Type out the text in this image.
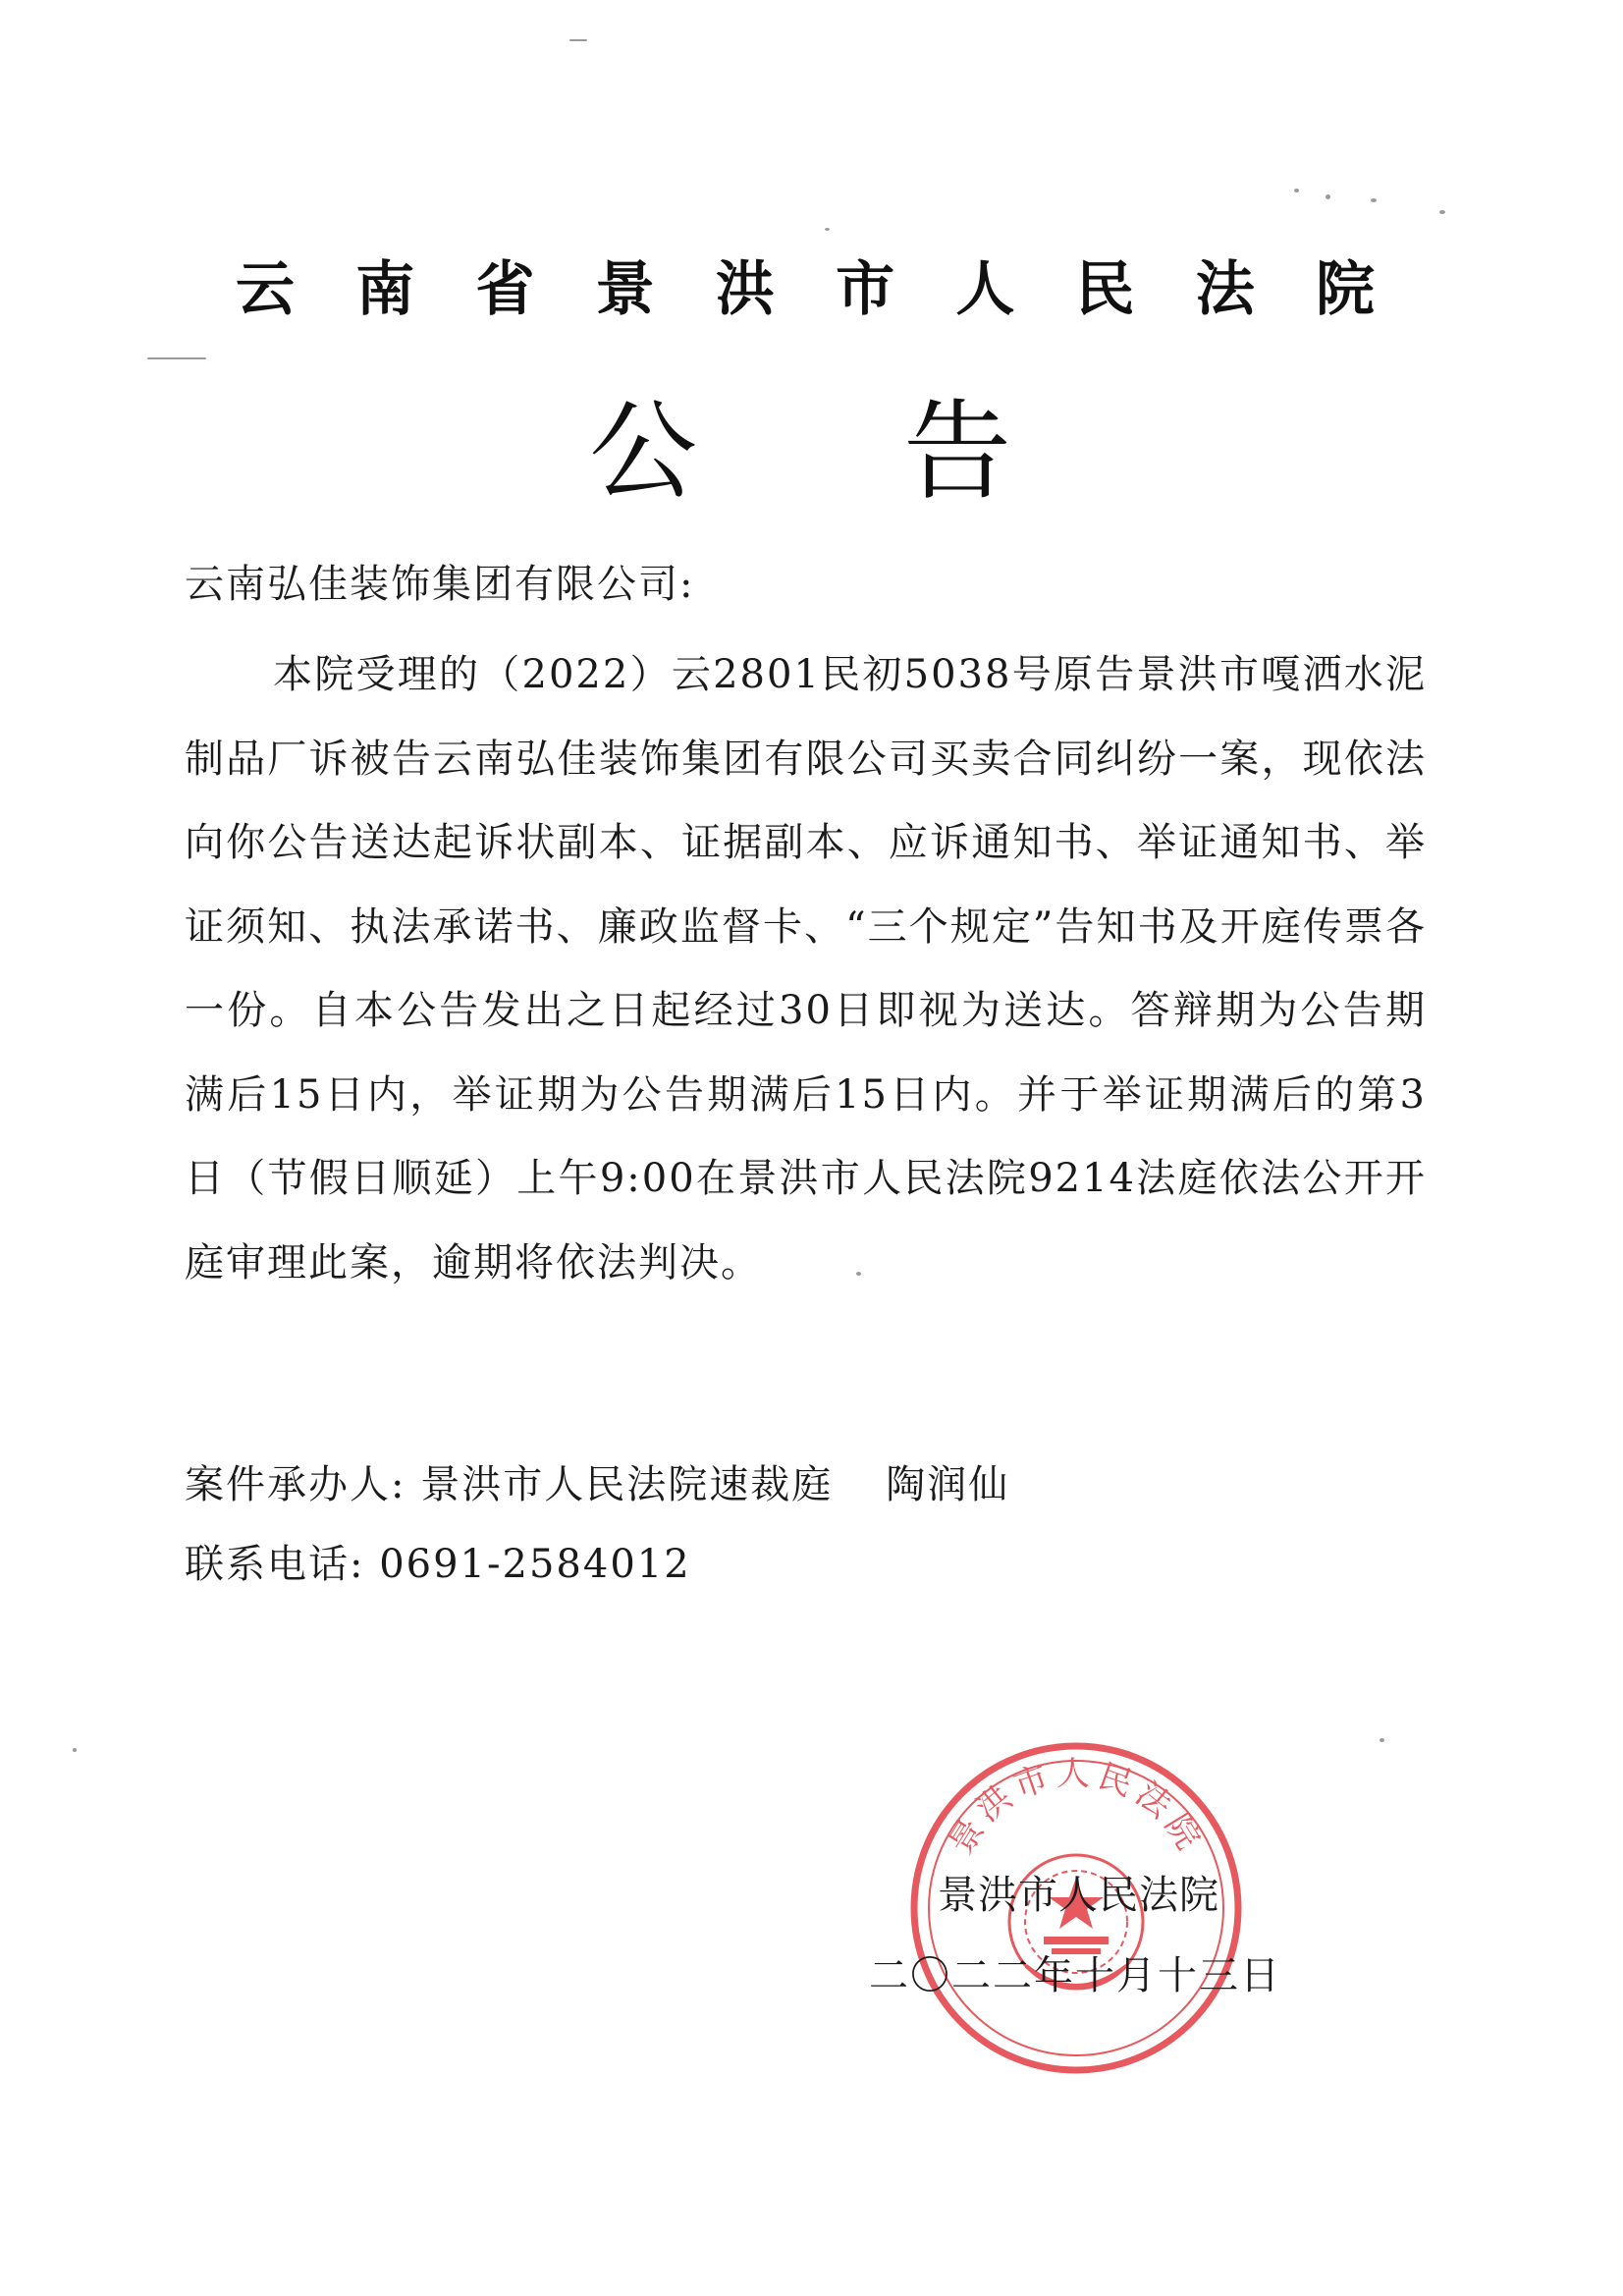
云 南 省 景 洪 市 人 民 法 院
公 告
云南弘佳装饰集团有限公司:

本院受理的（2022）云2801民初5038号原告景洪市嘎洒水泥制品厂诉被告云南弘佳装饰集团有限公司买卖合同纠纷一案，现依法向你公告送达起诉状副本、证据副本、应诉通知书、举证通知书、举证须知、执法承诺书、廉政监督卡、“三个规定”告知书及开庭传票各一份。自本公告发出之日起经过30日即视为送达。答辩期为公告期满后15日内，举证期为公告期满后15日内。并于举证期满后的第3日（节假日顺延）上午9:00在景洪市人民法院9214法庭依法公开开庭审理此案，逾期将依法判决。

案件承办人: 景洪市人民法院速裁庭 陶润仙
联系电话: 0691-2584012
景洪市人民法院
景洪市人民法院
二〇二二年十月十三日
